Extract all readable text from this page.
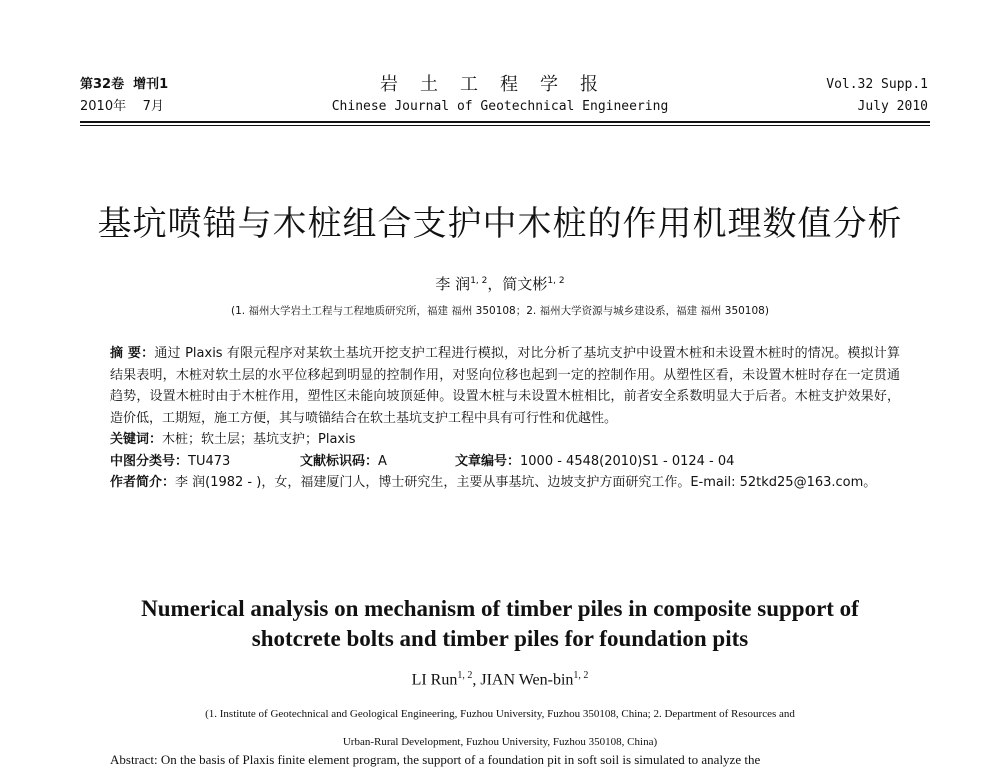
第32卷 增刊1
2010年 7月
岩土工程学报
Chinese Journal of Geotechnical Engineering
Vol.32 Supp.1
July 2010
基坑喷锚与木桩组合支护中木桩的作用机理数值分析
李 润$^{1, 2}$，简文彬$^{1, 2}$
(1. 福州大学岩土工程与工程地质研究所，福建 福州 350108；2. 福州大学资源与城乡建设系，福建 福州 350108)

摘 要：通过 Plaxis 有限元程序对某软土基坑开挖支护工程进行模拟，对比分析了基坑支护中设置木桩和未设置木桩时的情况。模拟计算结果表明，木桩对软土层的水平位移起到明显的控制作用，对竖向位移也起到一定的控制作用。从塑性区看，未设置木桩时存在一定贯通趋势，设置木桩时由于木桩作用，塑性区未能向坡顶延伸。设置木桩与未设置木桩相比，前者安全系数明显大于后者。木桩支护效果好，造价低，工期短，施工方便，其与喷锚结合在软土基坑支护工程中具有可行性和优越性。

关键词：木桩；软土层；基坑支护；Plaxis

中图分类号：TU473	文献标识码：A	文章编号：1000 - 4548(2010)S1 - 0124 - 04

作者简介：李 润(1982 - )，女，福建厦门人，博士研究生，主要从事基坑、边坡支护方面研究工作。E-mail: 52tkd25@163.com。

Numerical analysis on mechanism of timber piles in composite support of
shotcrete bolts and timber piles for foundation pits
LI Run$^{1, 2}$, JIAN Wen-bin$^{1, 2}$
(1. Institute of Geotechnical and Geological Engineering, Fuzhou University, Fuzhou 350108, China; 2. Department of Resources and
Urban-Rural Development, Fuzhou University, Fuzhou 350108, China)
Abstract: On the basis of Plaxis finite element program, the support of a foundation pit in soft soil is simulated to analyze the
